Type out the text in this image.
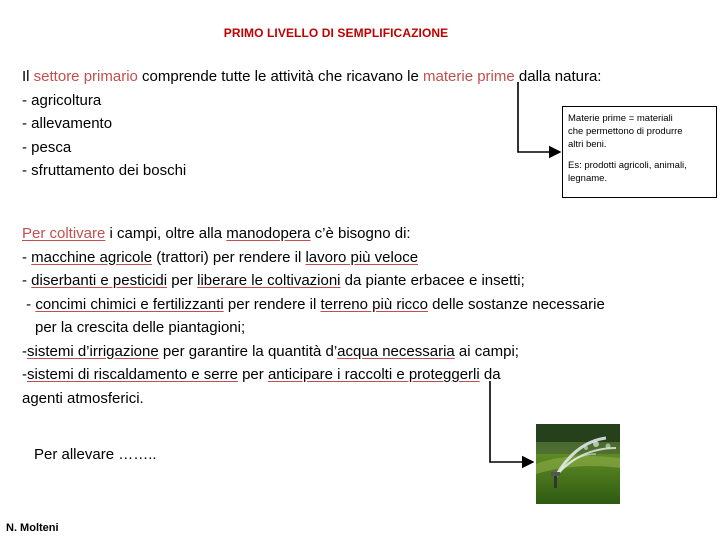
PRIMO LIVELLO DI SEMPLIFICAZIONE
Il settore primario comprende tutte le attività che ricavano le materie prime dalla natura:
- agricoltura
- allevamento
- pesca
- sfruttamento dei boschi

Materie prime = materiali

che permettono di produrre

altri beni.

Es: prodotti agricoli, animali,

legname.

Per coltivare i campi, oltre alla manodopera c’è bisogno di:
- macchine agricole (trattori) per rendere il lavoro più veloce
- diserbanti e pesticidi per liberare le coltivazioni da piante erbacee e insetti;
- concimi chimici e fertilizzanti per rendere il terreno più ricco delle sostanze necessarie
per la crescita delle piantagioni;
-sistemi d’irrigazione per garantire la quantità d’acqua necessaria ai campi;
-sistemi di riscaldamento e serre per anticipare i raccolti e proteggerli da
agenti atmosferici.
Per allevare ……..
N. Molteni
